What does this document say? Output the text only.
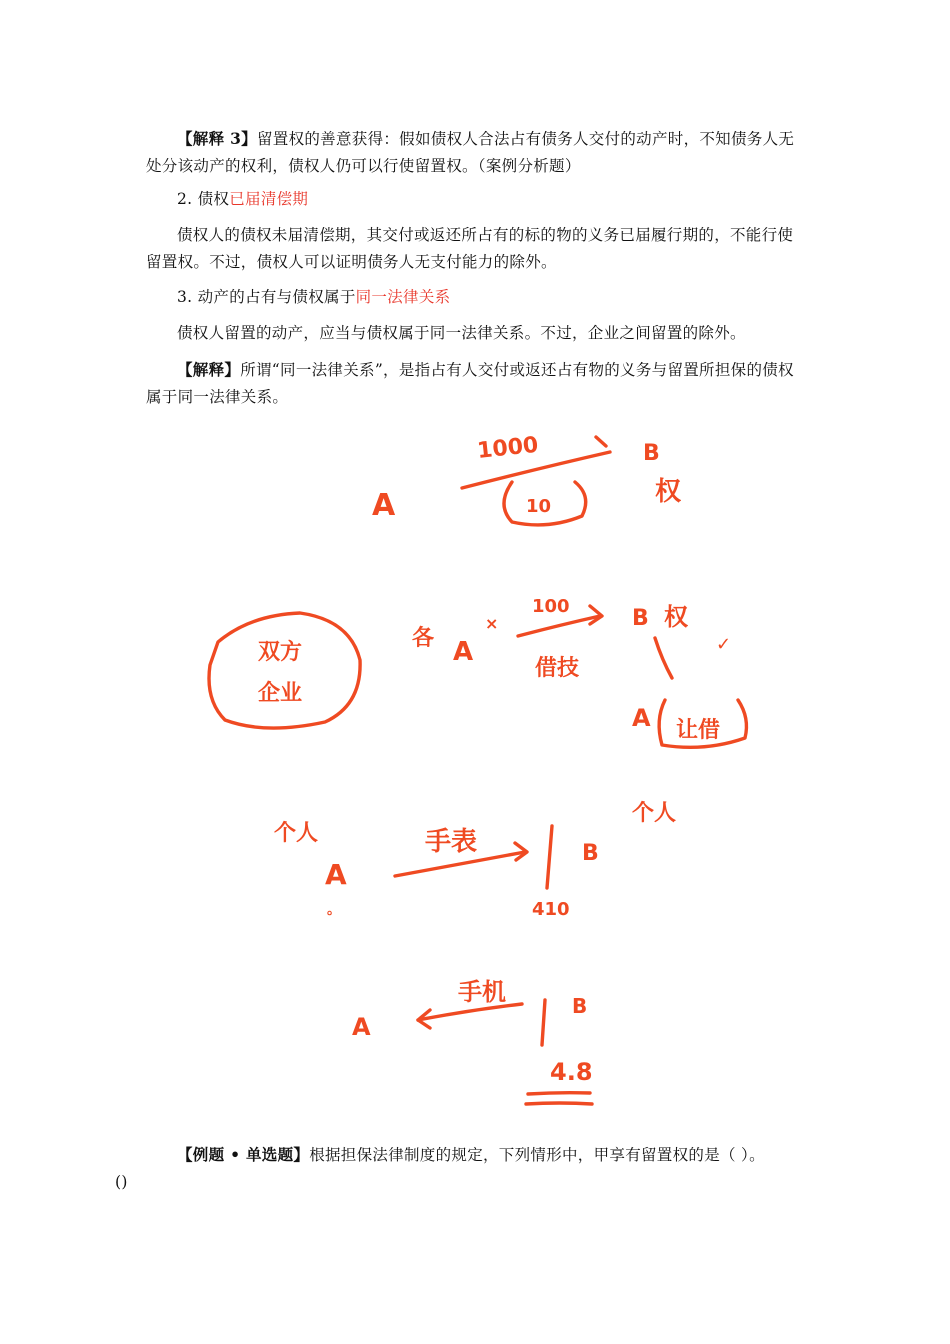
【解释 3】留置权的善意获得：假如债权人合法占有债务人交付的动产时，不知债务人无处分该动产的权利，债权人仍可以行使留置权。（案例分析题）

2. 债权已届清偿期

债权人的债权未届清偿期，其交付或返还所占有的标的物的义务已届履行期的，不能行使留置权。不过，债权人可以证明债务人无支付能力的除外。

3. 动产的占有与债权属于同一法律关系

债权人留置的动产，应当与债权属于同一法律关系。不过，企业之间留置的除外。

【解释】所谓“同一法律关系”，是指占有人交付或返还占有物的义务与留置所担保的债权属于同一法律关系。

A
1000
10
B
权
双方
企业
各 A
×
100
借技
B 权
✓
A 让借
个人
A
。
手表	B
个人
410
A
手机	B
4.8

【例题 • 单选题】根据担保法律制度的规定，下列情形中，甲享有留置权的是（ ）。
()
